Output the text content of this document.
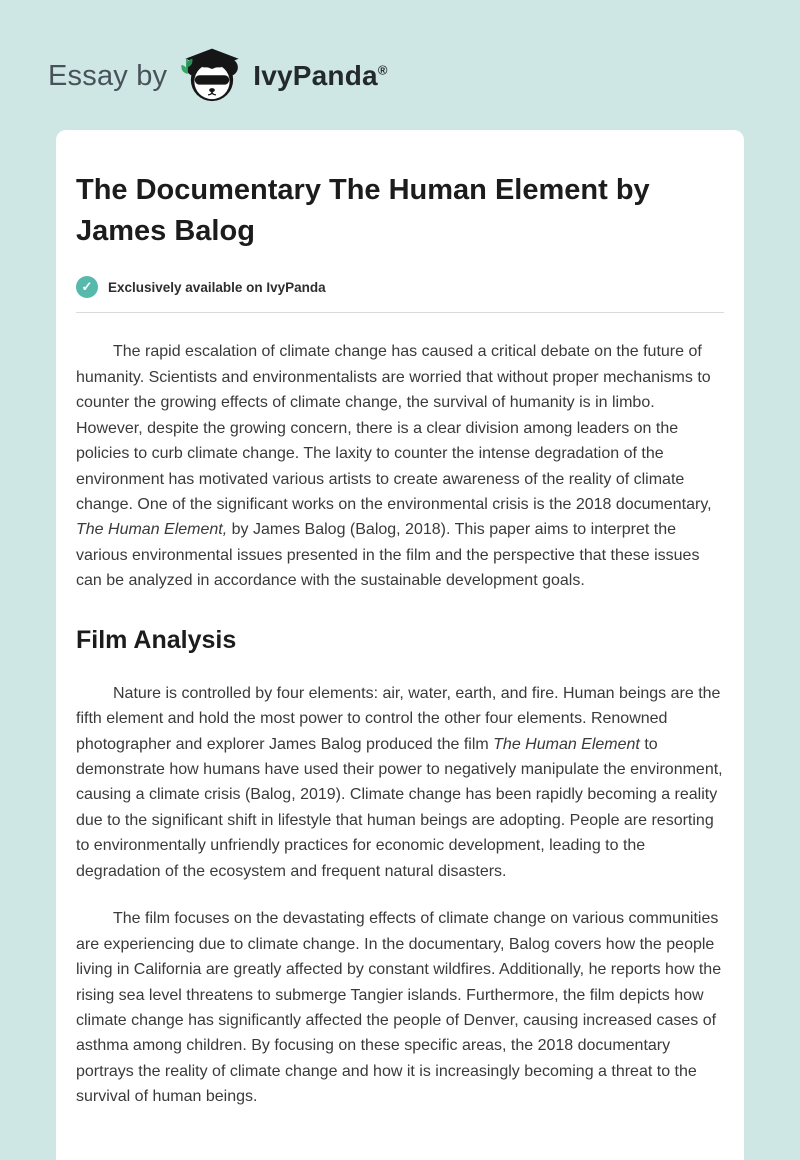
Essay by	IvyPanda®
The Documentary The Human Element by James Balog
✓	Exclusively available on IvyPanda

The rapid escalation of climate change has caused a critical debate on the future of humanity. Scientists and environmentalists are worried that without proper mechanisms to counter the growing effects of climate change, the survival of humanity is in limbo. However, despite the growing concern, there is a clear division among leaders on the policies to curb climate change. The laxity to counter the intense degradation of the environment has motivated various artists to create awareness of the reality of climate change. One of the significant works on the environmental crisis is the 2018 documentary, The Human Element, by James Balog (Balog, 2018). This paper aims to interpret the various environmental issues presented in the film and the perspective that these issues can be analyzed in accordance with the sustainable development goals.

Film Analysis

Nature is controlled by four elements: air, water, earth, and fire. Human beings are the fifth element and hold the most power to control the other four elements. Renowned photographer and explorer James Balog produced the film The Human Element to demonstrate how humans have used their power to negatively manipulate the environment, causing a climate crisis (Balog, 2019). Climate change has been rapidly becoming a reality due to the significant shift in lifestyle that human beings are adopting. People are resorting to environmentally unfriendly practices for economic development, leading to the degradation of the ecosystem and frequent natural disasters.

The film focuses on the devastating effects of climate change on various communities are experiencing due to climate change. In the documentary, Balog covers how the people living in California are greatly affected by constant wildfires. Additionally, he reports how the rising sea level threatens to submerge Tangier islands. Furthermore, the film depicts how climate change has significantly affected the people of Denver, causing increased cases of asthma among children. By focusing on these specific areas, the 2018 documentary portrays the reality of climate change and how it is increasingly becoming a threat to the survival of human beings.
